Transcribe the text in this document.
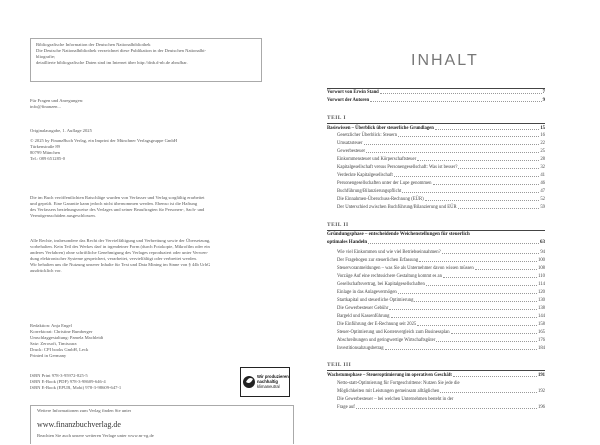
Bibliografische Information der Deutschen Nationalbibliothek
Die Deutsche Nationalbibliothek verzeichnet diese Publikation in der Deutschen Nationalbi-
bliografie;
detaillierte bibliografische Daten sind im Internet über http://dnb.d-nb.de abrufbar.
Für Fragen und Anregungen:
info@finanzen...
Originalausgabe, 1. Auflage 2025
© 2025 by FinanzBuch Verlag, ein Imprint der Münchner Verlagsgruppe GmbH
Türkenstraße 89
80799 München
Tel.: 089 651285-0
Die im Buch veröffentlichten Ratschläge wurden von Verfasser und Verlag sorgfältig erarbeitet
und geprüft. Eine Garantie kann jedoch nicht übernommen werden. Ebenso ist die Haftung
des Verfassers beziehungsweise des Verlages und seiner Beauftragten für Personen-, Sach- und
Vermögensschäden ausgeschlossen.
Alle Rechte, insbesondere das Recht der Vervielfältigung und Verbreitung sowie der Übersetzung,
vorbehalten. Kein Teil des Werkes darf in irgendeiner Form (durch Fotokopie, Mikrofilm oder ein
anderes Verfahren) ohne schriftliche Genehmigung des Verlages reproduziert oder unter Verwen-
dung elektronischer Systeme gespeichert, verarbeitet, vervielfältigt oder verbreitet werden.
Wir behalten uns die Nutzung unserer Inhalte für Text und Data Mining im Sinne von § 44b UrhG
ausdrücklich vor.
Redaktion: Anja Engel
Korrektorat: Christine Bumberger
Umschlaggestaltung: Pamela Machleidt
Satz: Zerosoft, Timisoara
Druck: CPI books GmbH, Leck
Printed in Germany
ISBN Print 978-3-95972-825-5
ISBN E-Book (PDF) 978-3-98609-646-4
ISBN E-Book (EPUB, Mobi) 978-3-98609-647-1
Wir produzieren
nachhaltig
klimaneutral
Weitere Informationen zum Verlag finden Sie unter
www.finanzbuchverlag.de
Beachten Sie auch unsere weiteren Verlage unter www.m-vg.de
INHALT
Vorwort von Erwin Stand	7
Vorwort der Autoren	9
TEIL I
Basiswissen – Überblick über steuerliche Grundlagen	15
Gesetzlicher Überblick: Steuern	16
Umsatzsteuer	22
Gewerbesteuer	25
Einkommensteuer und Körperschaftsteuer	28
Kapitalgesellschaft versus Personengesellschaft: Was ist besser?	32
Verdeckte Kapitalgesellschaft	41
Personengesellschaften unter der Lupe genommen	46
Buchführung/Bilanzierungspflicht	47
Die Einnahmen-Überschuss-Rechnung (EÜR)	52
Der Unterschied zwischen Buchführung/Bilanzierung und EÜR	59
TEIL II
Gründungsphase – entscheidende Weichenstellungen für steuerlich
optimales Handeln	63
Wie viel Einkommen und wie viel Betriebseinnahmen?	94
Der Fragebogen zur steuerlichen Erfassung	100
Steuervoranmeldungen – was Sie als Unternehmer davon wissen müssen	108
Vorzüge Auf eine rechtssichere Gestaltung kommt es an	110
Gesellschaftsvertrag, bei Kapitalgesellschaften	114
Einlage in das Anlagevermögen	120
Startkapital und steuerliche Optimierung	130
Die Gewerbesteuer Gebühr	138
Bargeld und Kassenführung	144
Die Einführung der E-Rechnung seit 2025	158
Steuer-Optimierung und Kostenvergleich zum Businessplan	165
Abschreibungen und geringwertige Wirtschaftsgüter	176
Investitionsabzugsbetrag	184
TEIL III
Wachstumsphase – Steueroptimierung im operativen Geschäft	191
Netto-statt-Optimierung für Fortgeschrittene: Nutzen Sie jede die
Möglichkeiten mit Leistungen gemeinsam alltäglichen	192
Die Gewerbesteuer – bei welchen Unternehmen besteht in der
Frage auf	196
